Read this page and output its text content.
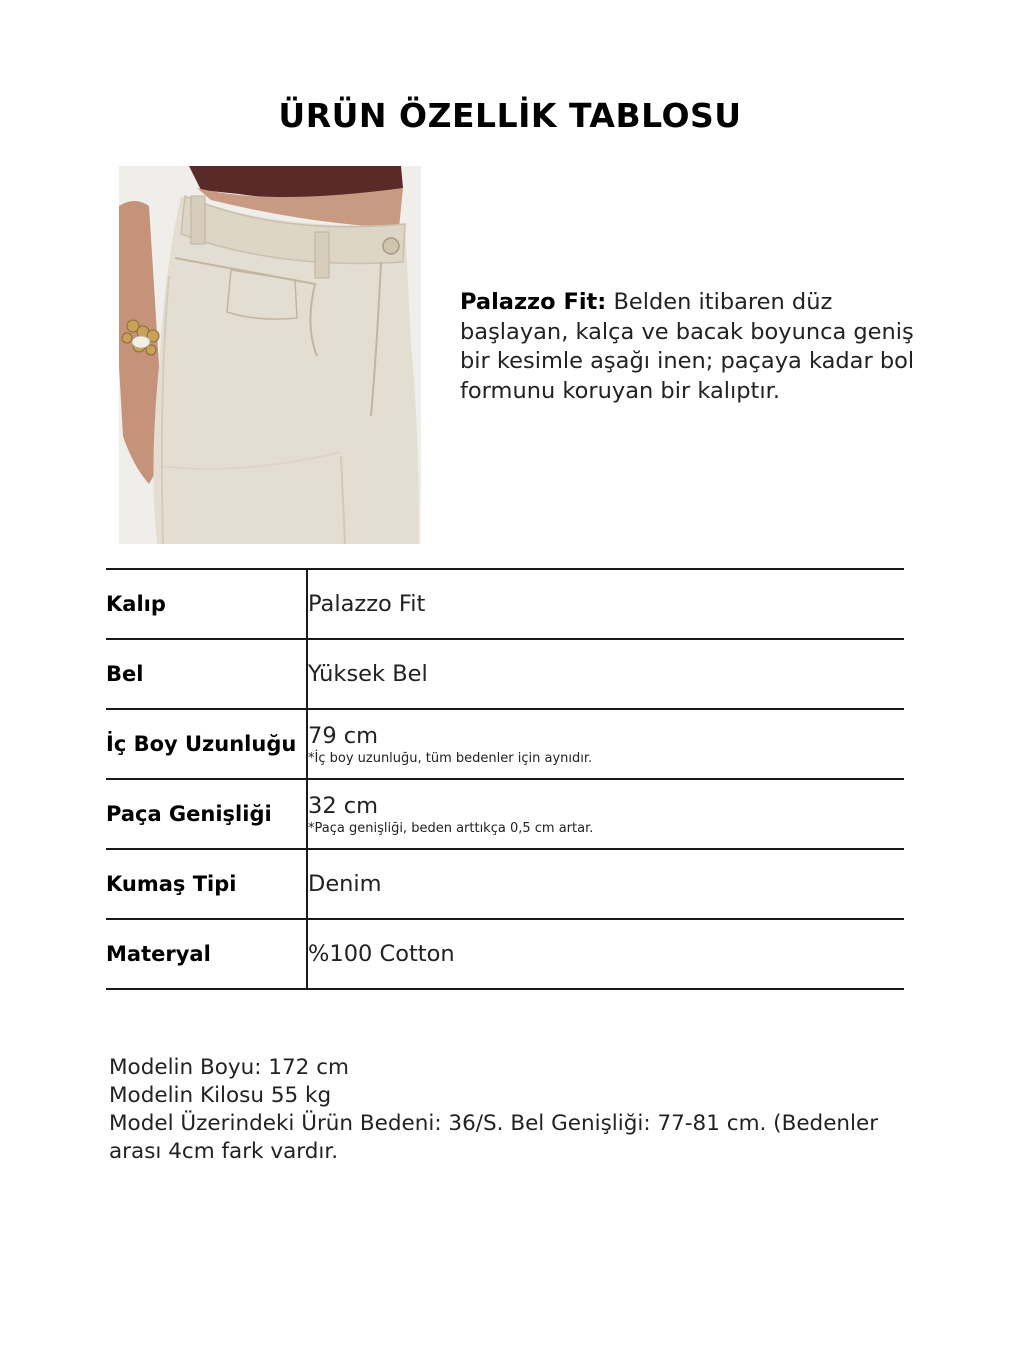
ÜRÜN ÖZELLİK TABLOSU

Palazzo Fit: Belden itibaren düz başlayan, kalça ve bacak boyunca geniş bir kesimle aşağı inen; paçaya kadar bol formunu koruyan bir kalıptır.

Kalıp	Palazzo Fit
Bel	Yüksek Bel
İç Boy Uzunluğu	79 cm
*İç boy uzunluğu, tüm bedenler için aynıdır.

Paça Genişliği	32 cm
*Paça genişliği, beden arttıkça 0,5 cm artar.

Kumaş Tipi	Denim
Materyal	%100 Cotton
Modelin Boyu: 172 cm
Modelin Kilosu 55 kg
Model Üzerindeki Ürün Bedeni: 36/S. Bel Genişliği: 77-81 cm. (Bedenler arası 4cm fark vardır.
